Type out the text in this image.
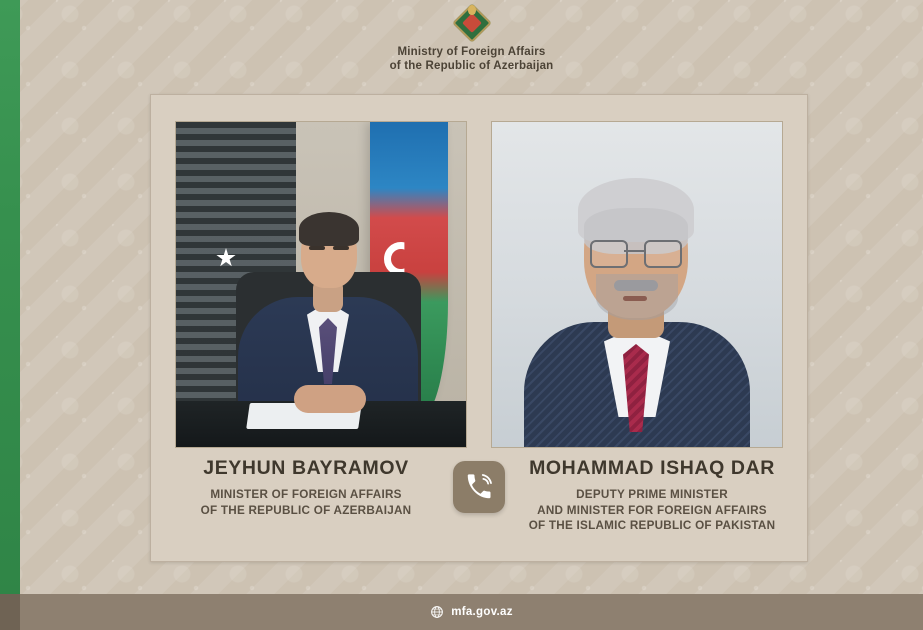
Ministry of Foreign Affairs
of the Republic of Azerbaijan
JEYHUN BAYRAMOV
MINISTER OF FOREIGN AFFAIRS
OF THE REPUBLIC OF AZERBAIJAN
MOHAMMAD ISHAQ DAR
DEPUTY PRIME MINISTER
AND MINISTER FOR FOREIGN AFFAIRS
OF THE ISLAMIC REPUBLIC OF PAKISTAN
mfa.gov.az
